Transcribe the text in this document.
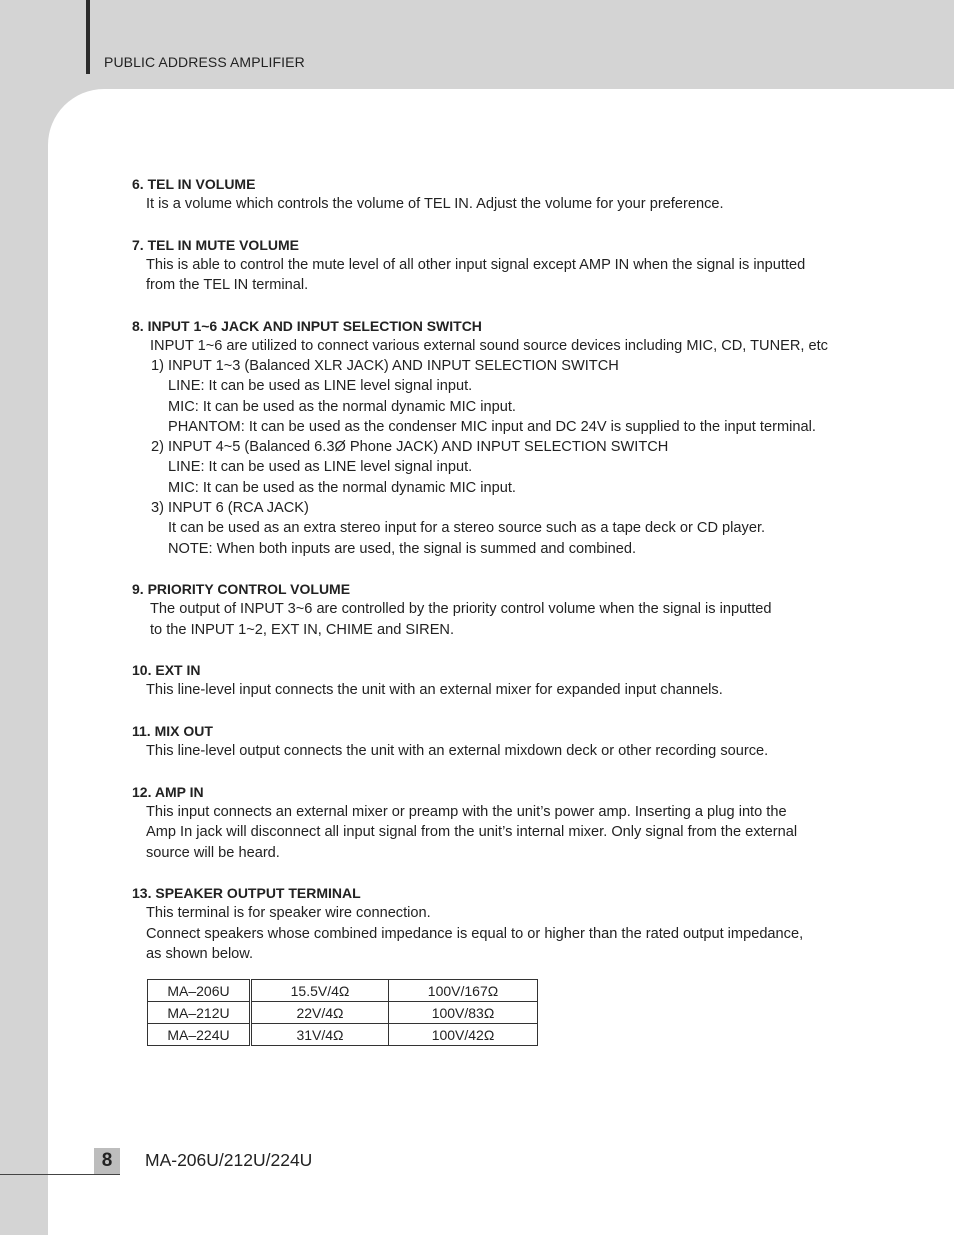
PUBLIC ADDRESS AMPLIFIER
6. TEL IN VOLUME
It is a volume which controls the volume of TEL IN. Adjust the volume for your preference.
7. TEL IN MUTE VOLUME
This is able to control the mute level of all other input signal except AMP IN when the signal is inputted
from the TEL IN terminal.
8. INPUT 1~6 JACK AND INPUT SELECTION SWITCH
INPUT 1~6 are utilized to connect various external sound source devices including MIC, CD, TUNER, etc
1) INPUT 1~3 (Balanced XLR JACK) AND INPUT SELECTION SWITCH
LINE: It can be used as LINE level signal input.
MIC: It can be used as the normal dynamic MIC input.
PHANTOM: It can be used as the condenser MIC input and DC 24V is supplied to the input terminal.
2) INPUT 4~5 (Balanced 6.3Ø Phone JACK) AND INPUT SELECTION SWITCH
LINE: It can be used as LINE level signal input.
MIC: It can be used as the normal dynamic MIC input.
3) INPUT 6 (RCA JACK)
It can be used as an extra stereo input for a stereo source such as a tape deck or CD player.
NOTE: When both inputs are used, the signal is summed and combined.
9. PRIORITY CONTROL VOLUME
The output of INPUT 3~6 are controlled by the priority control volume when the signal is inputted
to the INPUT 1~2, EXT IN, CHIME and SIREN.
10. EXT IN
This line-level input connects the unit with an external mixer for expanded input channels.
11. MIX OUT
This line-level output connects the unit with an external mixdown deck or other recording source.
12. AMP IN
This input connects an external mixer or preamp with the unit’s power amp. Inserting a plug into the
Amp In jack will disconnect all input signal from the unit’s internal mixer. Only signal from the external
source will be heard.
13. SPEAKER OUTPUT TERMINAL
This terminal is for speaker wire connection.
Connect speakers whose combined impedance is equal to or higher than the rated output impedance,
as shown below.
MA–206U	15.5V/4Ω	100V/167Ω
MA–212U	22V/4Ω	100V/83Ω
MA–224U	31V/4Ω	100V/42Ω
8	MA-206U/212U/224U
